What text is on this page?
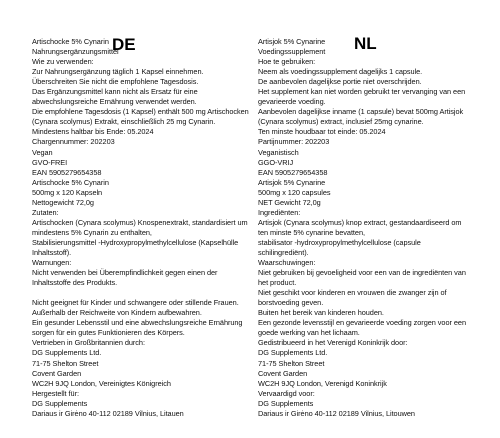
DE	NL
Artischocke 5% Cynarin
Nahrungsergänzungsmittel
Wie zu verwenden:
Zur Nahrungsergänzung täglich 1 Kapsel einnehmen.
Überschreiten Sie nicht die empfohlene Tagesdosis.
Das Ergänzungsmittel kann nicht als Ersatz für eine
abwechslungsreiche Ernährung verwendet werden.
Die empfohlene Tagesdosis (1 Kapsel) enthält 500 mg Artischocken
(Cynara scolymus) Extrakt, einschließlich 25 mg Cynarin.
Mindestens haltbar bis Ende: 05.2024
Chargennummer: 202203
Vegan
GVO-FREI
EAN 5905279654358
Artischocke 5% Cynarin
500mg x 120 Kapseln
Nettogewicht 72,0g
Zutaten:
Artischocken (Cynara scolymus) Knospenextrakt, standardisiert um
mindestens 5% Cynarin zu enthalten,
Stabilisierungsmittel -Hydroxypropylmethylcellulose (Kapselhülle
Inhaltsstoff).
Warnungen:
Nicht verwenden bei Überempfindlichkeit gegen einen der
Inhaltsstoffe des Produkts.

Nicht geeignet für Kinder und schwangere oder stillende Frauen.
Außerhalb der Reichweite von Kindern aufbewahren.
Ein gesunder Lebensstil und eine abwechslungsreiche Ernährung
sorgen für ein gutes Funktionieren des Körpers.
Vertrieben in Großbritannien durch:
DG Supplements Ltd.
71-75 Shelton Street
Covent Garden
WC2H 9JQ London, Vereinigtes Königreich
Hergestellt für:
DG Supplements
Dariaus ir Girėno 40-112 02189 Vilnius, Litauen
Artisjok 5% Cynarine
Voedingssupplement
Hoe te gebruiken:
Neem als voedingssupplement dagelijks 1 capsule.
De aanbevolen dagelijkse portie niet overschrijden.
Het supplement kan niet worden gebruikt ter vervanging van een
gevarieerde voeding.
Aanbevolen dagelijkse inname (1 capsule) bevat 500mg Artisjok
(Cynara scolymus) extract, inclusief 25mg cynarine.
Ten minste houdbaar tot einde: 05.2024
Partijnummer: 202203
Veganistisch
GGO-VRIJ
EAN 5905279654358
Artisjok 5% Cynarine
500mg x 120 capsules
NET Gewicht 72,0g
Ingrediënten:
Artisjok (Cynara scolymus) knop extract, gestandaardiseerd om
ten minste 5% cynarine bevatten,
stabilisator -hydroxypropylmethylcellulose (capsule
schilingrediënt).
Waarschuwingen:
Niet gebruiken bij gevoeligheid voor een van de ingrediënten van
het product.
Niet geschikt voor kinderen en vrouwen die zwanger zijn of
borstvoeding geven.
Buiten het bereik van kinderen houden.
Een gezonde levensstijl en gevarieerde voeding zorgen voor een
goede werking van het lichaam.
Gedistribueerd in het Verenigd Koninkrijk door:
DG Supplements Ltd.
71-75 Shelton Street
Covent Garden
WC2H 9JQ London, Verenigd Koninkrijk
Vervaardigd voor:
DG Supplements
Dariaus ir Girėno 40-112 02189 Vilnius, Litouwen
